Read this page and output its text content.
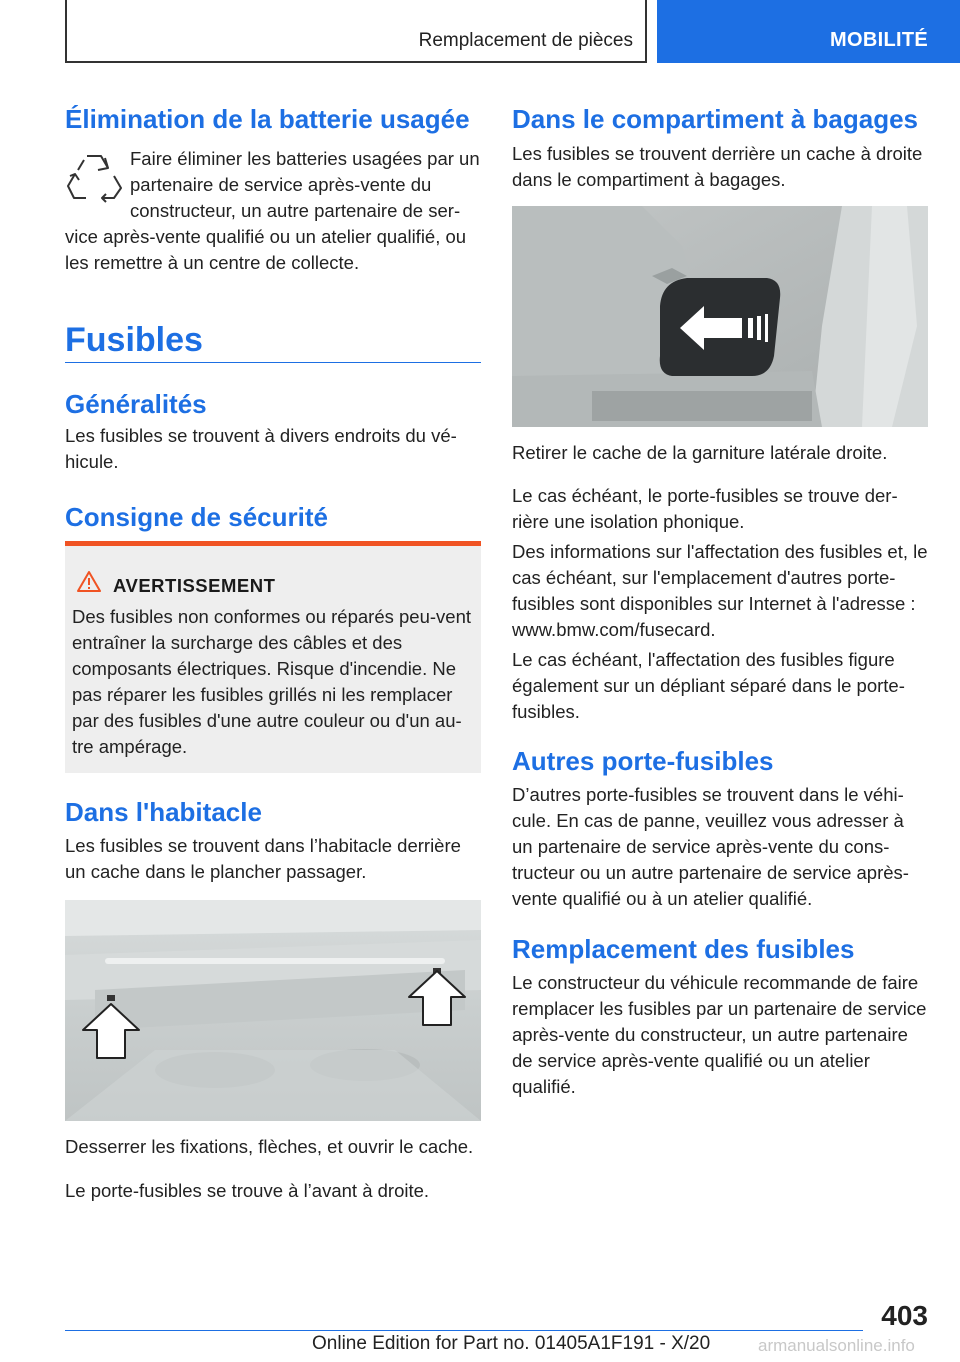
Remplacement de pièces	MOBILITÉ
Élimination de la batterie usagée
Faire éliminer les batteries usagées par un partenaire de service après-vente du constructeur, un autre partenaire de ser-vice après-vente qualifié ou un atelier qualifié, ou les remettre à un centre de collecte.
Fusibles
Généralités

Les fusibles se trouvent à divers endroits du vé-hicule.

Consigne de sécurité
AVERTISSEMENT
Des fusibles non conformes ou réparés peu-vent entraîner la surcharge des câbles et des composants électriques. Risque d'incendie. Ne pas réparer les fusibles grillés ni les remplacer par des fusibles d'une autre couleur ou d'un au-tre ampérage.
Dans l'habitacle

Les fusibles se trouvent dans l’habitacle derrière un cache dans le plancher passager.

Desserrer les fixations, flèches, et ouvrir le cache.

Le porte-fusibles se trouve à l’avant à droite.

Dans le compartiment à bagages

Les fusibles se trouvent derrière un cache à droite dans le compartiment à bagages.

Retirer le cache de la garniture latérale droite.

Le cas échéant, le porte-fusibles se trouve der-rière une isolation phonique.

Des informations sur l'affectation des fusibles et, le cas échéant, sur l'emplacement d'autres porte-fusibles sont disponibles sur Internet à l'adresse : www.bmw.com/fusecard.

Le cas échéant, l'affectation des fusibles figure également sur un dépliant séparé dans le porte-fusibles.

Autres porte-fusibles

D’autres porte-fusibles se trouvent dans le véhi-cule. En cas de panne, veuillez vous adresser à un partenaire de service après-vente du cons-tructeur ou un autre partenaire de service après-vente qualifié ou à un atelier qualifié.

Remplacement des fusibles

Le constructeur du véhicule recommande de faire remplacer les fusibles par un partenaire de service après-vente du constructeur, un autre partenaire de service après-vente qualifié ou un atelier qualifié.

403
Online Edition for Part no. 01405A1F191 - X/20	armanualsonline.info
